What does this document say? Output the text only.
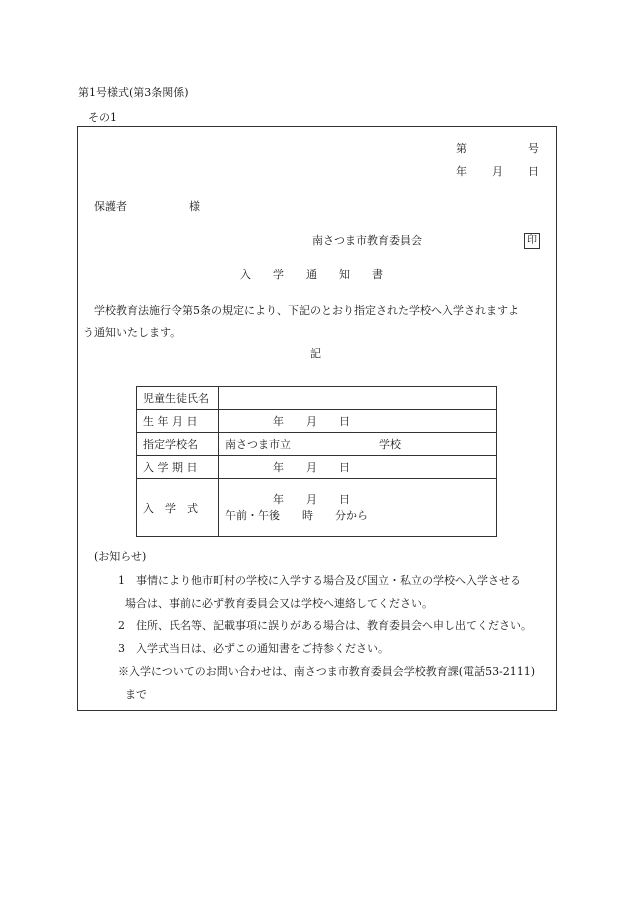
第1号様式(第3条関係)
その1
第	号
年 月 日
保護者	様
南さつま市教育委員会	印
入　　学　　通　　知　　書
学校教育法施行令第5条の規定により、下記のとおり指定された学校へ入学されますよ
う通知いたします。
記
児童生徒氏名	
生 年 月 日	年　　月　　日
指定学校名	南さつま市立 学校
入 学 期 日	年　　月　　日
入　学　式	年　　月　　日
午前・午後　　時　　分から
(お知らせ)
1 事情により他市町村の学校に入学する場合及び国立・私立の学校へ入学させる
場合は、事前に必ず教育委員会又は学校へ連絡してください。
2 住所、氏名等、記載事項に誤りがある場合は、教育委員会へ申し出てください。
3 入学式当日は、必ずこの通知書をご持参ください。
※入学についてのお問い合わせは、南さつま市教育委員会学校教育課(電話53-2111)
まで
